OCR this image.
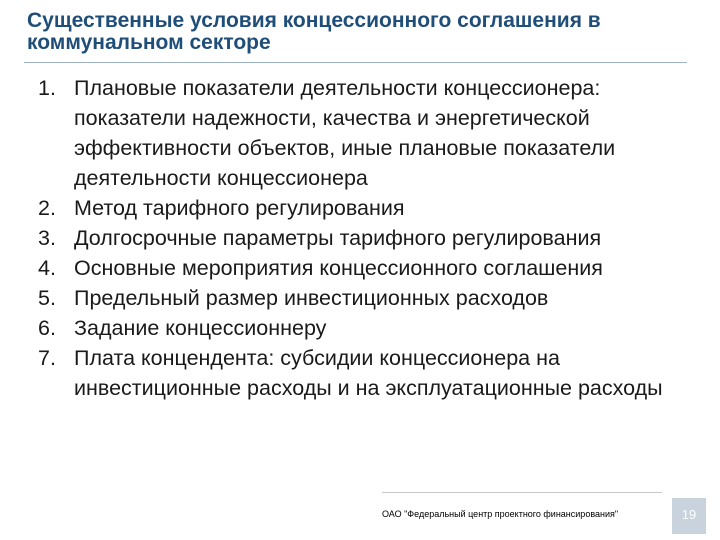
Существенные условия концессионного соглашения в коммунальном секторе
1. Плановые показатели деятельности концессионера: показатели надежности, качества и энергетической эффективности объектов, иные плановые показатели деятельности концессионера
2. Метод тарифного регулирования
3. Долгосрочные параметры тарифного регулирования
4. Основные мероприятия концессионного соглашения
5. Предельный размер инвестиционных расходов
6. Задание концессионнеру
7. Плата концендента: субсидии концессионера на инвестиционные расходы и на эксплуатационные расходы
ОАО "Федеральный центр проектного финансирования"	19
